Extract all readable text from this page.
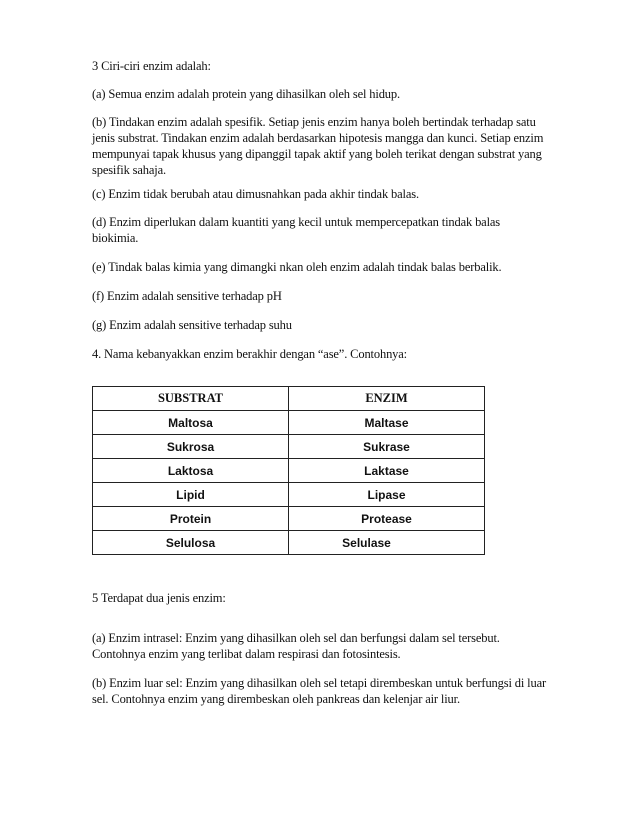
3 Ciri-ciri enzim adalah:

(a) Semua enzim adalah protein yang dihasilkan oleh sel hidup.

(b) Tindakan enzim adalah spesifik. Setiap jenis enzim hanya boleh bertindak terhadap satu

jenis substrat. Tindakan enzim adalah berdasarkan hipotesis mangga dan kunci. Setiap enzim

mempunyai tapak khusus yang dipanggil tapak aktif yang boleh terikat dengan substrat yang

spesifik sahaja.

(c) Enzim tidak berubah atau dimusnahkan pada akhir tindak balas.

(d) Enzim diperlukan dalam kuantiti yang kecil untuk mempercepatkan tindak balas

biokimia.

(e) Tindak balas kimia yang dimangki nkan oleh enzim adalah tindak balas berbalik.

(f) Enzim adalah sensitive terhadap pH

(g) Enzim adalah sensitive terhadap suhu

4. Nama kebanyakkan enzim berakhir dengan “ase”. Contohnya:

SUBSTRAT	ENZIM
Maltosa	Maltase
Sukrosa	Sukrase
Laktosa	Laktase
Lipid	Lipase
Protein	Protease
Selulosa	Selulase

5 Terdapat dua jenis enzim:

(a) Enzim intrasel: Enzim yang dihasilkan oleh sel dan berfungsi dalam sel tersebut.

Contohnya enzim yang terlibat dalam respirasi dan fotosintesis.

(b) Enzim luar sel: Enzim yang dihasilkan oleh sel tetapi dirembeskan untuk berfungsi di luar

sel. Contohnya enzim yang dirembeskan oleh pankreas dan kelenjar air liur.
